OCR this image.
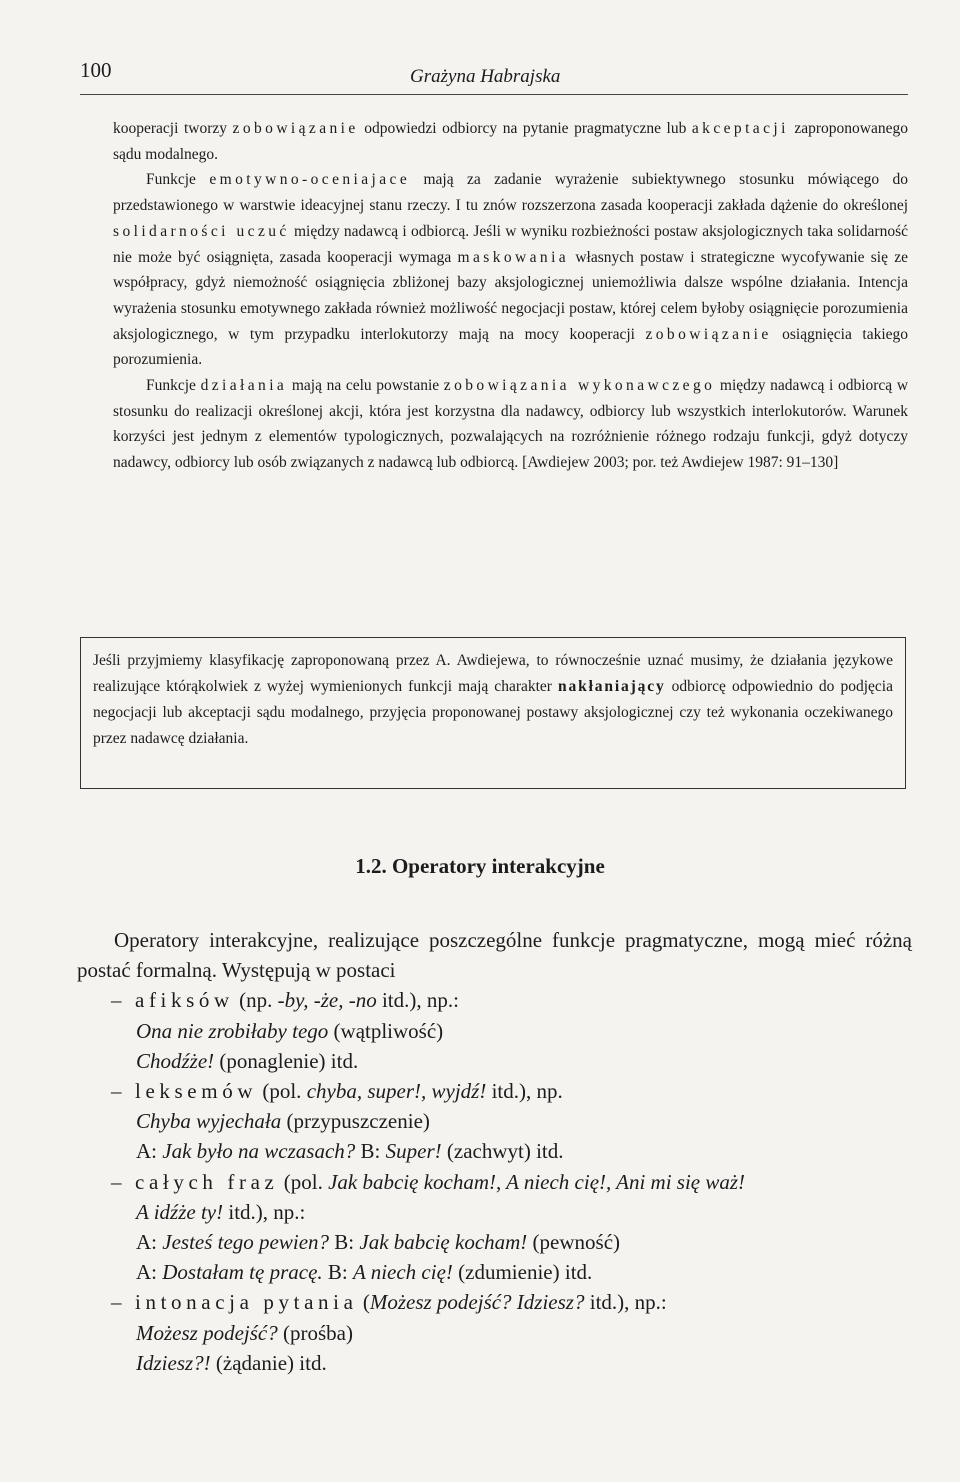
100	Grażyna Habrajska

kooperacji tworzy zobowiązanie odpowiedzi odbiorcy na pytanie pragmatyczne lub akceptacji zaproponowanego sądu modalnego.

Funkcje emotywno-oceniajace mają za zadanie wyrażenie subiektywnego stosunku mówiącego do przedstawionego w warstwie ideacyjnej stanu rzeczy. I tu znów rozszerzona zasada kooperacji zakłada dążenie do określonej solidarności uczuć między nadawcą i odbiorcą. Jeśli w wyniku rozbieżności postaw aksjologicznych taka solidarność nie może być osiągnięta, zasada kooperacji wymaga maskowania własnych postaw i strategiczne wycofywanie się ze współpracy, gdyż niemożność osiągnięcia zbliżonej bazy aksjologicznej uniemożliwia dalsze wspólne działania. Intencja wyrażenia stosunku emotywnego zakłada również możliwość negocjacji postaw, której celem byłoby osiągnięcie porozumienia aksjologicznego, w tym przypadku interlokutorzy mają na mocy kooperacji zobowiązanie osiągnięcia takiego porozumienia.

Funkcje działania mają na celu powstanie zobowiązania wykonawczego między nadawcą i odbiorcą w stosunku do realizacji określonej akcji, która jest korzystna dla nadawcy, odbiorcy lub wszystkich interlokutorów. Warunek korzyści jest jednym z elementów typologicznych, pozwalających na rozróżnienie różnego rodzaju funkcji, gdyż dotyczy nadawcy, odbiorcy lub osób związanych z nadawcą lub odbiorcą. [Awdiejew 2003; por. też Awdiejew 1987: 91–130]

Jeśli przyjmiemy klasyfikację zaproponowaną przez A. Awdiejewa, to równocześnie uznać musimy, że działania językowe realizujące którąkolwiek z wyżej wymienionych funkcji mają charakter nakłaniający odbiorcę odpowiednio do podjęcia negocjacji lub akceptacji sądu modalnego, przyjęcia proponowanej postawy aksjologicznej czy też wykonania oczekiwanego przez nadawcę działania.

1.2. Operatory interakcyjne

Operatory interakcyjne, realizujące poszczególne funkcje pragmatyczne, mogą mieć różną postać formalną. Występują w postaci

– afiksów (np. -by, -że, -no itd.), np.:
Ona nie zrobiłaby tego (wątpliwość)
Chodźże! (ponaglenie) itd.
– leksemów (pol. chyba, super!, wyjdź! itd.), np.
Chyba wyjechała (przypuszczenie)
A: Jak było na wczasach? B: Super! (zachwyt) itd.
– całych fraz (pol. Jak babcię kocham!, A niech cię!, Ani mi się waż!
A idźże ty! itd.), np.:
A: Jesteś tego pewien? B: Jak babcię kocham! (pewność)
A: Dostałam tę pracę. B: A niech cię! (zdumienie) itd.
– intonacja pytania (Możesz podejść? Idziesz? itd.), np.:
Możesz podejść? (prośba)
Idziesz?! (żądanie) itd.
